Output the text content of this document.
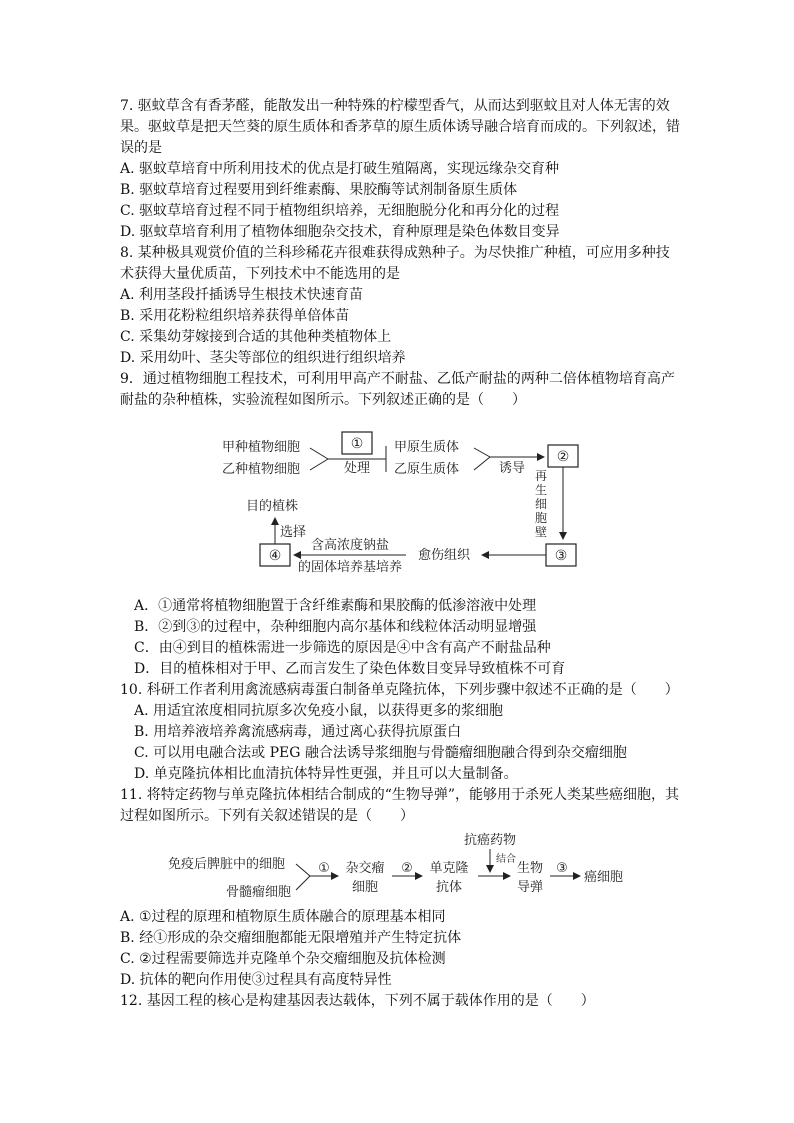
7. 驱蚊草含有香茅醛，能散发出一种特殊的柠檬型香气，从而达到驱蚊且对人体无害的效果。驱蚊草是把天竺葵的原生质体和香茅草的原生质体诱导融合培育而成的。下列叙述，错误的是

A. 驱蚊草培育中所利用技术的优点是打破生殖隔离，实现远缘杂交育种

B. 驱蚊草培育过程要用到纤维素酶、果胶酶等试剂制备原生质体

C. 驱蚊草培育过程不同于植物组织培养，无细胞脱分化和再分化的过程

D. 驱蚊草培育利用了植物体细胞杂交技术，育种原理是染色体数目变异

8. 某种极具观赏价值的兰科珍稀花卉很难获得成熟种子。为尽快推广种植，可应用多种技术获得大量优质苗，下列技术中不能选用的是

A. 利用茎段扦插诱导生根技术快速育苗

B. 采用花粉粒组织培养获得单倍体苗

C. 采集幼芽嫁接到合适的其他种类植物体上

D. 采用幼叶、茎尖等部位的组织进行组织培养

9．通过植物细胞工程技术，可利用甲高产不耐盐、乙低产耐盐的两种二倍体植物培育高产耐盐的杂种植株，实验流程如图所示。下列叙述正确的是（　　）

甲种植物细胞
乙种植物细胞
①
处理
甲原生质体
乙原生质体	诱导
②
再
生
细
胞
壁
③
愈伤组织
含高浓度钠盐
的固体培养基培养
④
选择
目的植株

A．①通常将植物细胞置于含纤维素酶和果胶酶的低渗溶液中处理

B．②到③的过程中，杂种细胞内高尔基体和线粒体活动明显增强

C．由④到目的植株需进一步筛选的原因是④中含有高产不耐盐品种

D．目的植株相对于甲、乙而言发生了染色体数目变异导致植株不可育

10. 科研工作者利用禽流感病毒蛋白制备单克隆抗体，下列步骤中叙述不正确的是（　　）

A. 用适宜浓度相同抗原多次免疫小鼠，以获得更多的浆细胞

B. 用培养液培养禽流感病毒，通过离心获得抗原蛋白

C. 可以用电融合法或 PEG 融合法诱导浆细胞与骨髓瘤细胞融合得到杂交瘤细胞

D. 单克隆抗体相比血清抗体特异性更强，并且可以大量制备。

11. 将特定药物与单克隆抗体相结合制成的“生物导弹”，能够用于杀死人类某些癌细胞，其过程如图所示。下列有关叙述错误的是（　　）

抗癌药物
结合
免疫后脾脏中的细胞
骨髓瘤细胞
① 杂交瘤
细胞
② 单克隆
抗体
生物
导弹
③
癌细胞

A. ①过程的原理和植物原生质体融合的原理基本相同

B. 经①形成的杂交瘤细胞都能无限增殖并产生特定抗体

C. ②过程需要筛选并克隆单个杂交瘤细胞及抗体检测

D. 抗体的靶向作用使③过程具有高度特异性

12. 基因工程的核心是构建基因表达载体，下列不属于载体作用的是（　　）
